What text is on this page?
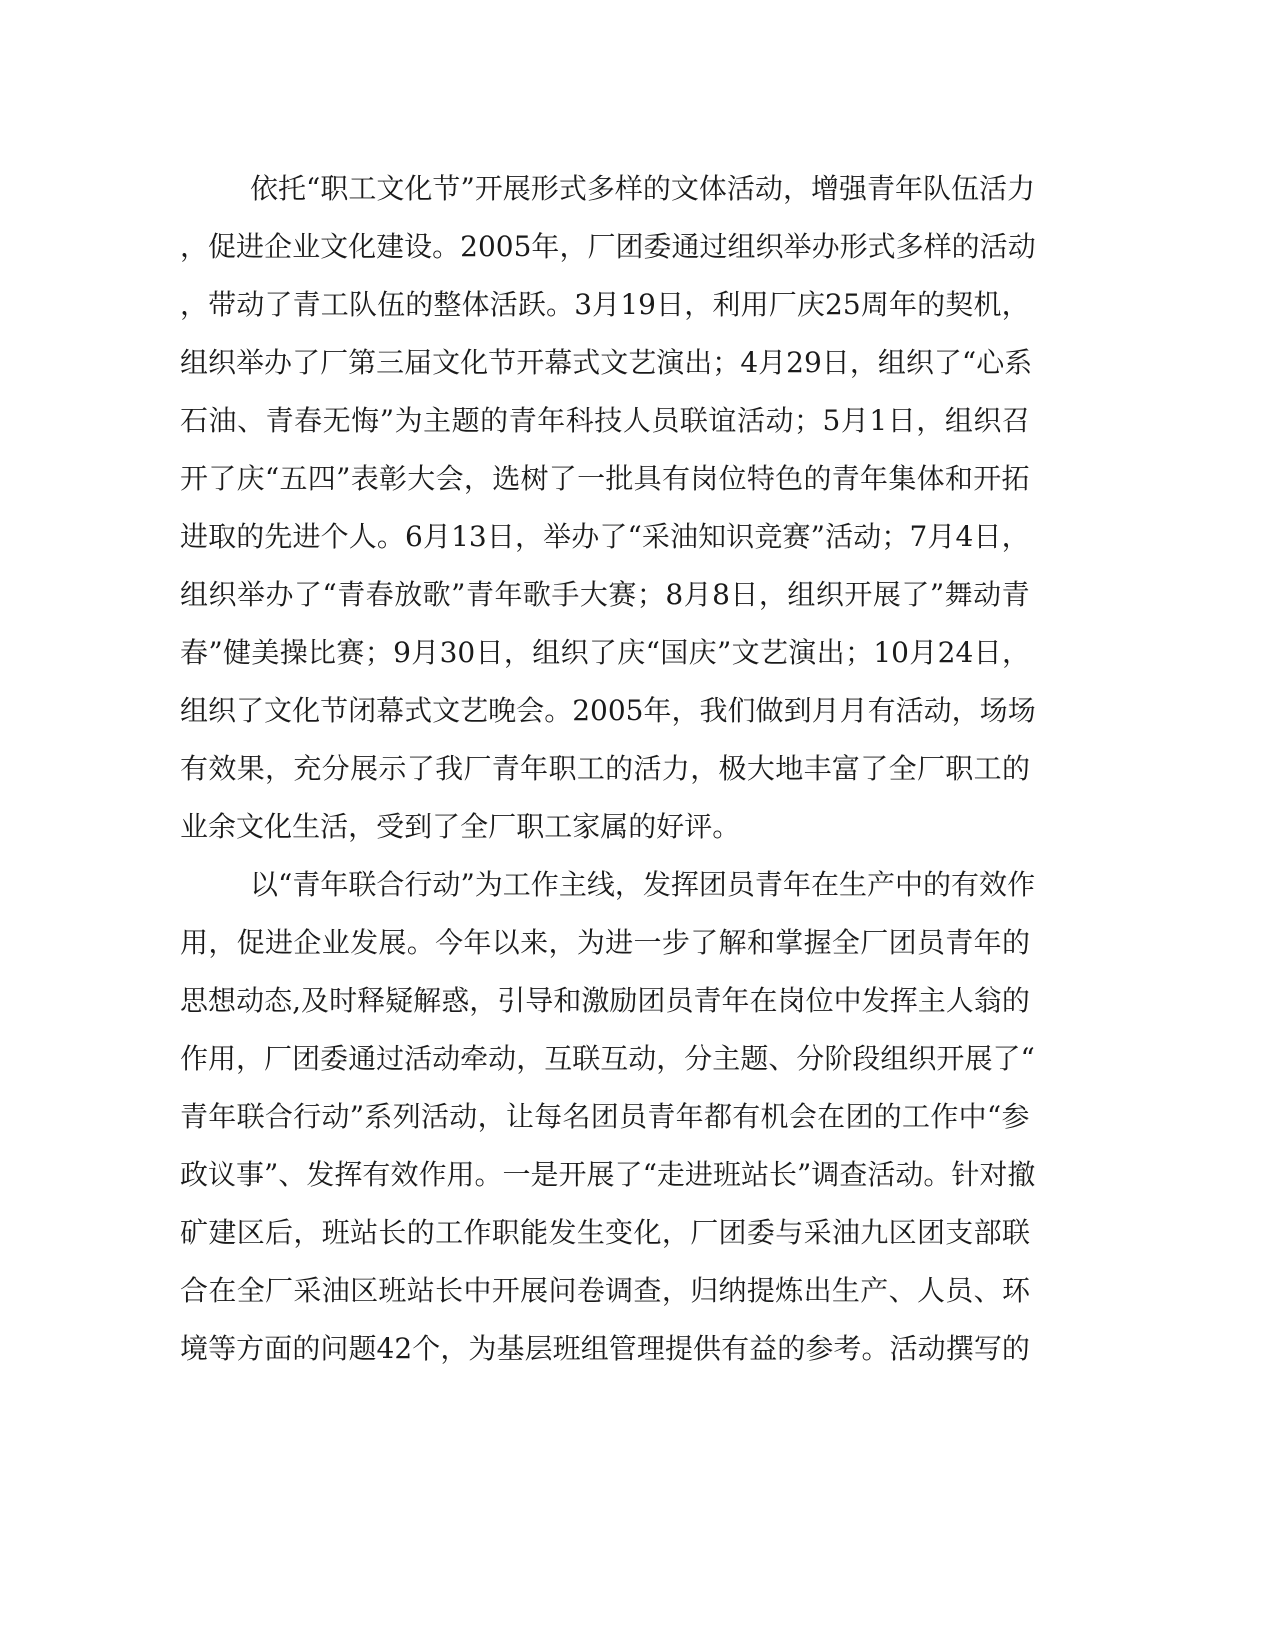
依 托 “ 职 工 文 化 节 ” 开 展 形 式 多 样 的 文 体 活 动 ， 增 强 青 年 队 伍 活 力
， 促 进 企 业 文 化 建 设 。 2005 年 ， 厂 团 委 通 过 组 织 举 办 形 式 多 样 的 活 动
， 带 动 了 青 工 队 伍 的 整 体 活 跃 。 3 月 19 日 ， 利 用 厂 庆 25 周 年 的 契 机 ，
组 织 举 办 了 厂 第 三 届 文 化 节 开 幕 式 文 艺 演 出 ； 4 月 29 日 ， 组 织 了 “ 心 系
石 油 、 青 春 无 悔 ” 为 主 题 的 青 年 科 技 人 员 联 谊 活 动 ； 5 月 1 日 ， 组 织 召
开 了 庆 “ 五 四 ” 表 彰 大 会 ， 选 树 了 一 批 具 有 岗 位 特 色 的 青 年 集 体 和 开 拓
进 取 的 先 进 个 人 。 6 月 13 日 ， 举 办 了 “ 采 油 知 识 竞 赛 ” 活 动 ； 7 月 4 日 ，
组 织 举 办 了 “ 青 春 放 歌 ” 青 年 歌 手 大 赛 ； 8 月 8 日 ， 组 织 开 展 了 ” 舞 动 青
春 ” 健 美 操 比 赛 ； 9 月 30 日 ， 组 织 了 庆 “ 国 庆 ” 文 艺 演 出 ； 10 月 24 日 ，
组 织 了 文 化 节 闭 幕 式 文 艺 晚 会 。 2005 年 ， 我 们 做 到 月 月 有 活 动 ， 场 场
有 效 果 ， 充 分 展 示 了 我 厂 青 年 职 工 的 活 力 ， 极 大 地 丰 富 了 全 厂 职 工 的
业 余 文 化 生 活 ， 受 到 了 全 厂 职 工 家 属 的 好 评 。
以 “ 青 年 联 合 行 动 ” 为 工 作 主 线 ， 发 挥 团 员 青 年 在 生 产 中 的 有 效 作
用 ， 促 进 企 业 发 展 。 今 年 以 来 ， 为 进 一 步 了 解 和 掌 握 全 厂 团 员 青 年 的
思 想 动 态 , 及 时 释 疑 解 惑 ， 引 导 和 激 励 团 员 青 年 在 岗 位 中 发 挥 主 人 翁 的
作 用 ， 厂 团 委 通 过 活 动 牵 动 ， 互 联 互 动 ， 分 主 题 、 分 阶 段 组 织 开 展 了 “
青 年 联 合 行 动 ” 系 列 活 动 ， 让 每 名 团 员 青 年 都 有 机 会 在 团 的 工 作 中 “ 参
政 议 事 ” 、 发 挥 有 效 作 用 。 一 是 开 展 了 “ 走 进 班 站 长 ” 调 查 活 动 。 针 对 撤
矿 建 区 后 ， 班 站 长 的 工 作 职 能 发 生 变 化 ， 厂 团 委 与 采 油 九 区 团 支 部 联
合 在 全 厂 采 油 区 班 站 长 中 开 展 问 卷 调 查 ， 归 纳 提 炼 出 生 产 、 人 员 、 环
境 等 方 面 的 问 题 42 个 ， 为 基 层 班 组 管 理 提 供 有 益 的 参 考 。 活 动 撰 写 的
